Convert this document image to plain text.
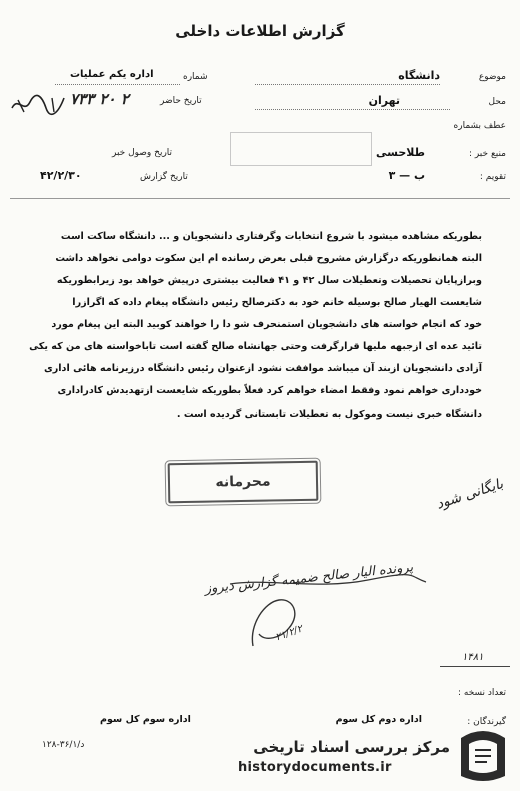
گزارش اطلاعات داخلی
موضوع
دانشگاه
محل
تهران
عطف بشماره
منبع خبر :
طلاحسی
تقویم :
ب — ۳
شماره
اداره یکم عملیات
تاریخ حاضر
۷۳۳ ۲۰ ۲
تاریخ وصول خبر
تاریخ گزارش
۴۲/۲/۳۰
بطوریکه مشاهده میشود با شروع انتخابات وگرفتاری دانشجویان و ... دانشگاه ساکت است
البته همانطوریکه درگزارش مشروح قبلی بعرض رسانده ام این سکوت دوامی نخواهد داشت
وبرازپایان تحصیلات وتعطیلات سال ۴۲ و ۴۱ فعالیت بیشتری درپیش خواهد بود زیرابطوریکه
شایعست الهیار صالح بوسیله خانم خود به دکترصالح رئیس دانشگاه پیغام داده که اگرازرا
خود که انجام خواسته های دانشجویان استمنحرف شو دا را خواهند کوبید البته این پیغام مورد
تائید عده ای ازجبهه ملیها قرارگرفت وحتی جهانشاه صالح گفته است تاباخواسته های من که یکی
آزادی دانشجویان ازبند آن میباشد موافقت نشود ازعنوان رئیس دانشگاه درزیرنامه هائی اداری
خودداری خواهم نمود وفقط امضاء خواهم کرد فعلاً بطوریکه شایعست ازتهدیدش کادراداری
دانشگاه خبری نیست وموکول به تعطیلات تابستانی گردیده است .
محرمانه	بایگانی شود
پرونده الیار صالح ضمیمه گزارش دیروز
۲۱/۲/۲
۱۴۸۱
تعداد نسخه :
گیرندگان :
اداره دوم کل سوم
اداره سوم کل سوم
۱۲۸-۳۶/۱/د	مرکز بررسی اسناد تاریخی
historydocuments.ir
